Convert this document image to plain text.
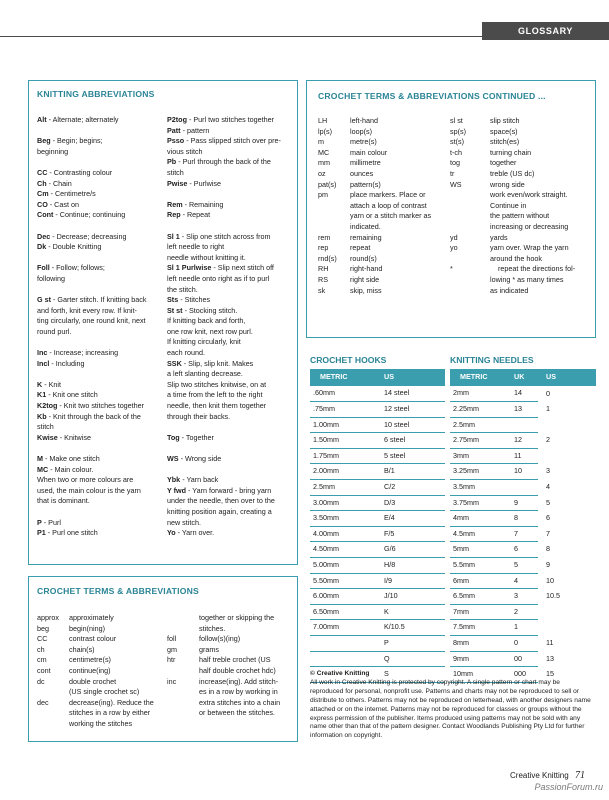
GLOSSARY
KNITTING ABBREVIATIONS
Alt
- Alternate; alternately
Beg
- Begin; begins;
beginning
CC
- Contrasting colour
Ch
- Chain
Cm
- Centimetre/s
CO
- Cast on
Cont
- Continue; continuing
Dec
- Decrease; decreasing
Dk
- Double Knitting
Foll
- Follow; follows;
following
G st
- Garter stitch. If knitting back
and forth, knit every row. If knit-
ting circularly, one round knit, next
round purl.
Inc
- Increase; increasing
Incl
- Including
K
- Knit
K1
- Knit one stitch
K2tog
- Knit two stitches together
Kb
- Knit through the back of the
stitch
Kwise
- Knitwise
M
- Make one stitch
MC
- Main colour.
When two or more colours are
used, the main colour is the yarn
that is dominant.
P
- Purl
P1
- Purl one stitch
P2tog
- Purl two stitches together
Patt
- pattern
Psso
- Pass slipped stitch over pre-
vious stitch
Pb
- Purl through the back of the
stitch
Pwise
- Purlwise
Rem
- Remaining
Rep
- Repeat
Sl 1
- Slip one stitch across from
left needle to right
needle without knitting it.
Sl 1 Purlwise
- Slip next stitch off
left needle onto right as if to purl
the stitch.
Sts
- Stitches
St st
- Stocking stitch.
If knitting back and forth,
one row knit, next row purl.
If knitting circularly, knit
each round.
SSK
- Slip, slip knit. Makes
a left slanting decrease.
Slip two stitches knitwise, on at
a time from the left to the right
needle, then knit them together
through their backs.
Tog
- Together
WS
- Wrong side
Ybk
- Yarn back
Y fwd
- Yarn forward - bring yarn
under the needle, then over to the
knitting position again, creating a
new stitch.
Yo
- Yarn over.
CROCHET TERMS & ABBREVIATIONS
approx	approximately
beg	begin(ning)
CC	contrast colour
ch	chain(s)
cm	centimetre(s)
cont	continue(ing)
dc	double crochet
(US single crochet sc)
dec	decrease(ing). Reduce the
stitches in a row by either
working the stitches
together or skipping the
stitches.
foll	follow(s)(ing)
gm	grams
htr	half treble crochet (US
half double crochet hdc)
inc	increase(ing). Add stitch-
es in a row by working in
extra stitches into a chain
or between the stitches.
CROCHET TERMS & ABBREVIATIONS CONTINUED ...
LH	left-hand
lp(s)	loop(s)
m	metre(s)
MC	main colour
mm	millimetre
oz	ounces
pat(s)	pattern(s)
pm	place markers. Place or
attach a loop of contrast
yarn or a stitch marker as
indicated.
rem	remaining
rep	repeat
rnd(s)	round(s)
RH	right-hand
RS	right side
sk	skip, miss
sl st	slip stitch
sp(s)	space(s)
st(s)	stitch(es)
t-ch	turning chain
tog	together
tr	treble (US dc)
WS	wrong side
work even/work straight.
Continue in
the pattern without
increasing or decreasing
yd	yards
yo	yarn over. Wrap the yarn
around the hook
*	repeat the directions fol-
lowing * as many times
as indicated
CROCHET HOOKS
METRIC	US
.60mm	14 steel
.75mm	12 steel
1.00mm	10 steel
1.50mm	6 steel
1.75mm	5 steel
2.00mm	B/1
2.5mm	C/2
3.00mm	D/3
3.50mm	E/4
4.00mm	F/5
4.50mm	G/6
5.00mm	H/8
5.50mm	I/9
6.00mm	J/10
6.50mm	K
7.00mm	K/10.5
	P
	Q
	S
KNITTING NEEDLES
METRIC	UK	US
2mm	14	0
2.25mm	13	1
2.5mm		
2.75mm	12	2
3mm	11	
3.25mm	10	3
3.5mm		4
3.75mm	9	5
4mm	8	6
4.5mm	7	7
5mm	6	8
5.5mm	5	9
6mm	4	10
6.5mm	3	10.5
7mm	2	
7.5mm	1	
8mm	0	11
9mm	00	13
10mm	000	15
© Creative Knitting
All work in Creative Knitting is protected by copyright. A single pattern or chart may be reproduced for personal, nonprofit use. Patterns and charts may not be reproduced to sell or distribute to others. Patterns may not be reproduced on letterhead, with another designers name attached or on the internet. Patterns may not be reproduced for classes or groups without the express permission of the publisher. Items produced using patterns may not be sold with any name other than that of the pattern designer. Contact Woodlands Publishing Pty Ltd for further information on copyright.
Creative Knitting 71
PassionForum.ru
